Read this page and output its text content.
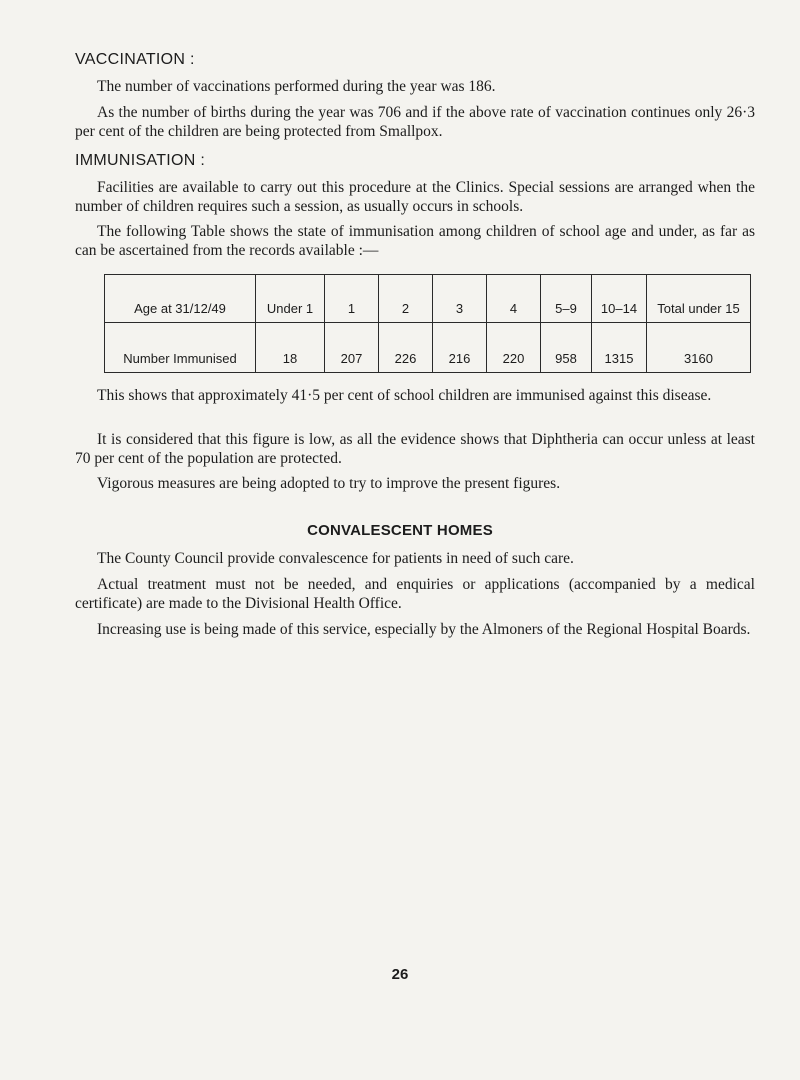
VACCINATION :
The number of vaccinations performed during the year was 186.
As the number of births during the year was 706 and if the above rate of vaccination continues only 26·3 per cent of the children are being protected from Smallpox.
IMMUNISATION :
Facilities are available to carry out this procedure at the Clinics. Special sessions are arranged when the number of children requires such a session, as usually occurs in schools.
The following Table shows the state of immunisation among children of school age and under, as far as can be ascertained from the records available :—
Age at 31/12/49	Under 1	1	2	3	4	5–9	10–14	Total under 15
Number Immunised	18	207	226	216	220	958	1315	3160
This shows that approximately 41·5 per cent of school children are immunised against this disease.
It is considered that this figure is low, as all the evidence shows that Diphtheria can occur unless at least 70 per cent of the population are protected.
Vigorous measures are being adopted to try to improve the present figures.
CONVALESCENT HOMES
The County Council provide convalescence for patients in need of such care.
Actual treatment must not be needed, and enquiries or applications (accompanied by a medical certificate) are made to the Divisional Health Office.
Increasing use is being made of this service, especially by the Almoners of the Regional Hospital Boards.
26
